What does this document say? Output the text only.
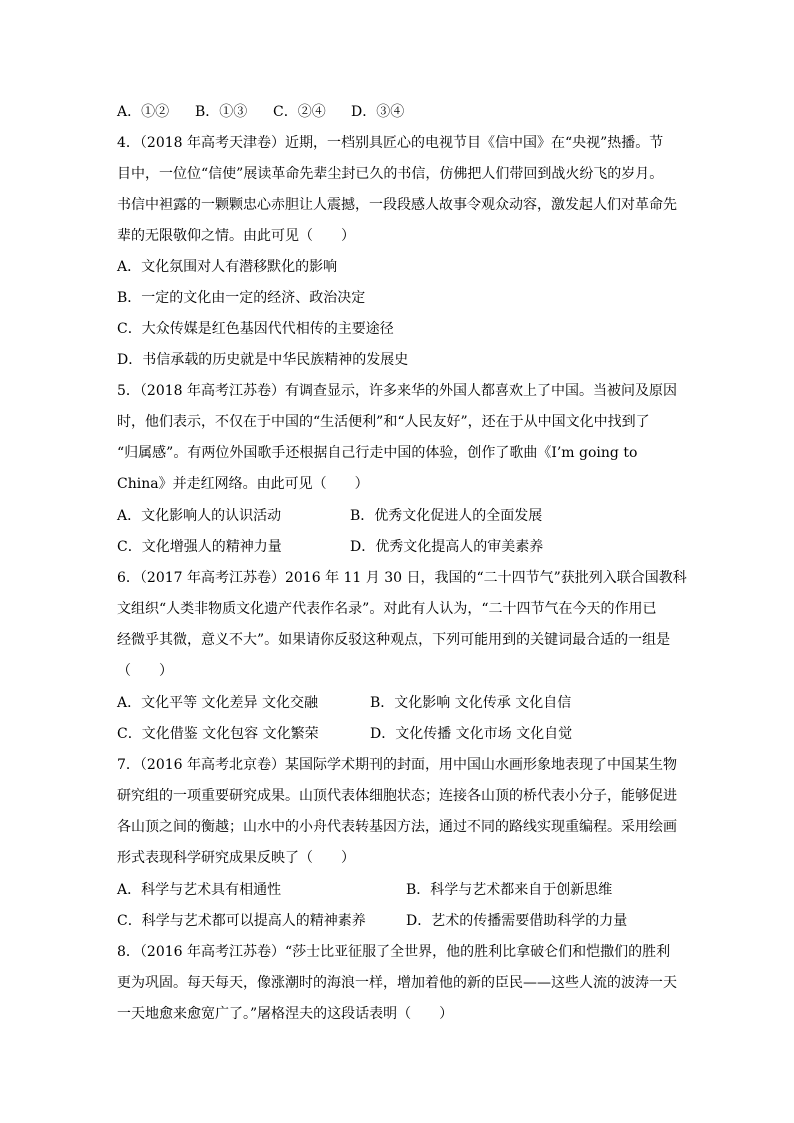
A．①② B．①③ C．②④ D．③④
4．（2018 年高考天津卷）近期，一档别具匠心的电视节目《信中国》在“央视”热播。节
目中，一位位“信使”展读革命先辈尘封已久的书信，仿佛把人们带回到战火纷飞的岁月。
书信中袒露的一颗颗忠心赤胆让人震撼，一段段感人故事令观众动容，激发起人们对革命先
辈的无限敬仰之情。由此可见（　　）
A．文化氛围对人有潜移默化的影响
B．一定的文化由一定的经济、政治决定
C．大众传媒是红色基因代代相传的主要途径
D．书信承载的历史就是中华民族精神的发展史
5．（2018 年高考江苏卷）有调查显示，许多来华的外国人都喜欢上了中国。当被问及原因
时，他们表示，不仅在于中国的“生活便利”和“人民友好”，还在于从中国文化中找到了
“归属感”。有两位外国歌手还根据自己行走中国的体验，创作了歌曲《I’m going to
China》并走红网络。由此可见（　　）
A．文化影响人的认识活动	B．优秀文化促进人的全面发展
C．文化增强人的精神力量	D．优秀文化提高人的审美素养
6．（2017 年高考江苏卷）2016 年 11 月 30 日，我国的“二十四节气”获批列入联合国教科
文组织“人类非物质文化遗产代表作名录”。对此有人认为，“二十四节气在今天的作用已
经微乎其微，意义不大”。如果请你反驳这种观点，下列可能用到的关键词最合适的一组是
（　　）
A．文化平等 文化差异 文化交融	B．文化影响 文化传承 文化自信
C．文化借鉴 文化包容 文化繁荣	D．文化传播 文化市场 文化自觉
7．（2016 年高考北京卷）某国际学术期刊的封面，用中国山水画形象地表现了中国某生物
研究组的一项重要研究成果。山顶代表体细胞状态；连接各山顶的桥代表小分子，能够促进
各山顶之间的衡越；山水中的小舟代表转基因方法，通过不同的路线实现重编程。采用绘画
形式表现科学研究成果反映了（　　）
A．科学与艺术具有相通性	B．科学与艺术都来自于创新思维
C．科学与艺术都可以提高人的精神素养	D．艺术的传播需要借助科学的力量
8．（2016 年高考江苏卷）“莎士比亚征服了全世界，他的胜利比拿破仑们和恺撒们的胜利
更为巩固。每天每天，像涨潮时的海浪一样，增加着他的新的臣民——这些人流的波涛一天
一天地愈来愈宽广了。”屠格涅夫的这段话表明（　　）
